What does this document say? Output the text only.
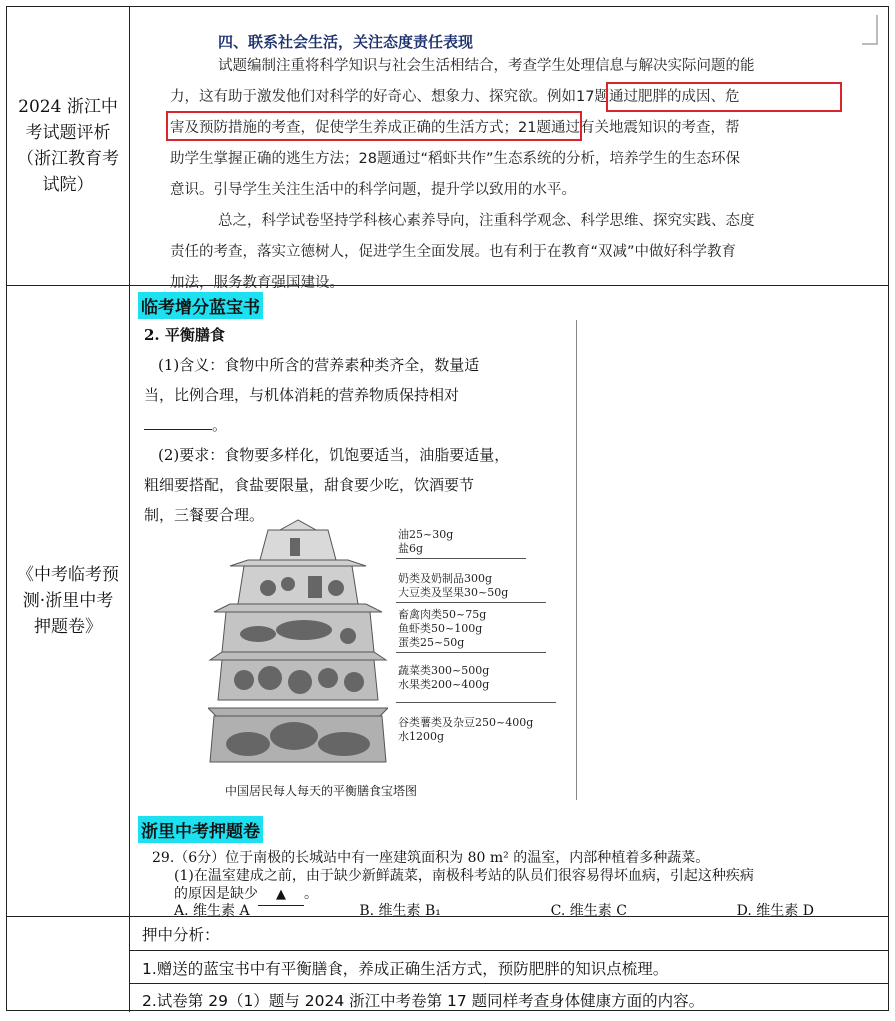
2024 浙江中考试题评析（浙江教育考试院）
四、联系社会生活，关注态度责任表现
试题编制注重将科学知识与社会生活相结合，考查学生处理信息与解决实际问题的能
力，这有助于激发他们对科学的好奇心、想象力、探究欲。例如17题通过肥胖的成因、危
害及预防措施的考查，促使学生养成正确的生活方式；21题通过有关地震知识的考查，帮
助学生掌握正确的逃生方法；28题通过“稻虾共作”生态系统的分析，培养学生的生态环保
意识。引导学生关注生活中的科学问题，提升学以致用的水平。
总之，科学试卷坚持学科核心素养导向，注重科学观念、科学思维、探究实践、态度
责任的考查，落实立德树人，促进学生全面发展。也有利于在教育“双减”中做好科学教育
加法，服务教育强国建设。
《中考临考预测·浙里中考押题卷》
临考增分蓝宝书
2. 平衡膳食
(1)含义：食物中所含的营养素种类齐全，数量适
当，比例合理，与机体消耗的营养物质保持相对
。
(2)要求：食物要多样化，饥饱要适当，油脂要适量，
粗细要搭配，食盐要限量，甜食要少吃，饮酒要节
制，三餐要合理。
油25~30g
盐6g
奶类及奶制品300g
大豆类及坚果30~50g
畜禽肉类50~75g
鱼虾类50~100g
蛋类25~50g
蔬菜类300~500g
水果类200~400g
谷类薯类及杂豆250~400g
水1200g
中国居民每人每天的平衡膳食宝塔图
浙里中考押题卷
29.（6分）位于南极的长城站中有一座建筑面积为 80 m² 的温室，内部种植着多种蔬菜。
(1)在温室建成之前，由于缺少新鲜蔬菜，南极科考站的队员们很容易得坏血病，引起这种疾病
的原因是缺少 ▲ 。
A. 维生素 A	B. 维生素 B₁	C. 维生素 C	D. 维生素 D
押中分析：
1.赠送的蓝宝书中有平衡膳食，养成正确生活方式，预防肥胖的知识点梳理。
2.试卷第 29（1）题与 2024 浙江中考卷第 17 题同样考查身体健康方面的内容。
